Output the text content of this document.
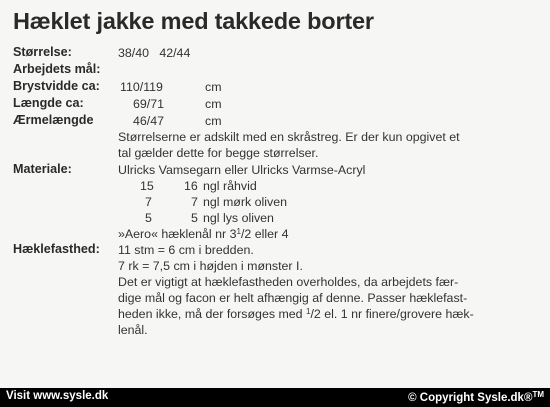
Hæklet jakke med takkede borter
Størrelse:	38/40   42/44
Arbejdets mål:
Brystvidde ca: 110/119	cm
Længde ca:	69/71	cm
Ærmelængde	46/47	cm
Størrelserne er adskilt med en skråstreg. Er der kun opgivet et
tal gælder dette for begge størrelser.
Materiale:	Ulricks Vamsegarn eller Ulricks Varmse-Acryl
15 16 ngl råhvid
7	7 ngl mørk oliven
5	5 ngl lys oliven
»Aero« hæklenål nr $3^1/2$ eller 4
Hæklefasthed: 11 stm = 6 cm i bredden.
7 rk = 7,5 cm i højden i mønster I.
Det er vigtigt at hæklefastheden overholdes, da arbejdets fær-
dige mål og facon er helt afhængig af denne. Passer hæklefast-
heden ikke, må der forsøges med $^1$/2 el. 1 nr finere/grovere hæk-
lenål.
Visit www.sysle.dk	© Copyright Sysle.dk®™
